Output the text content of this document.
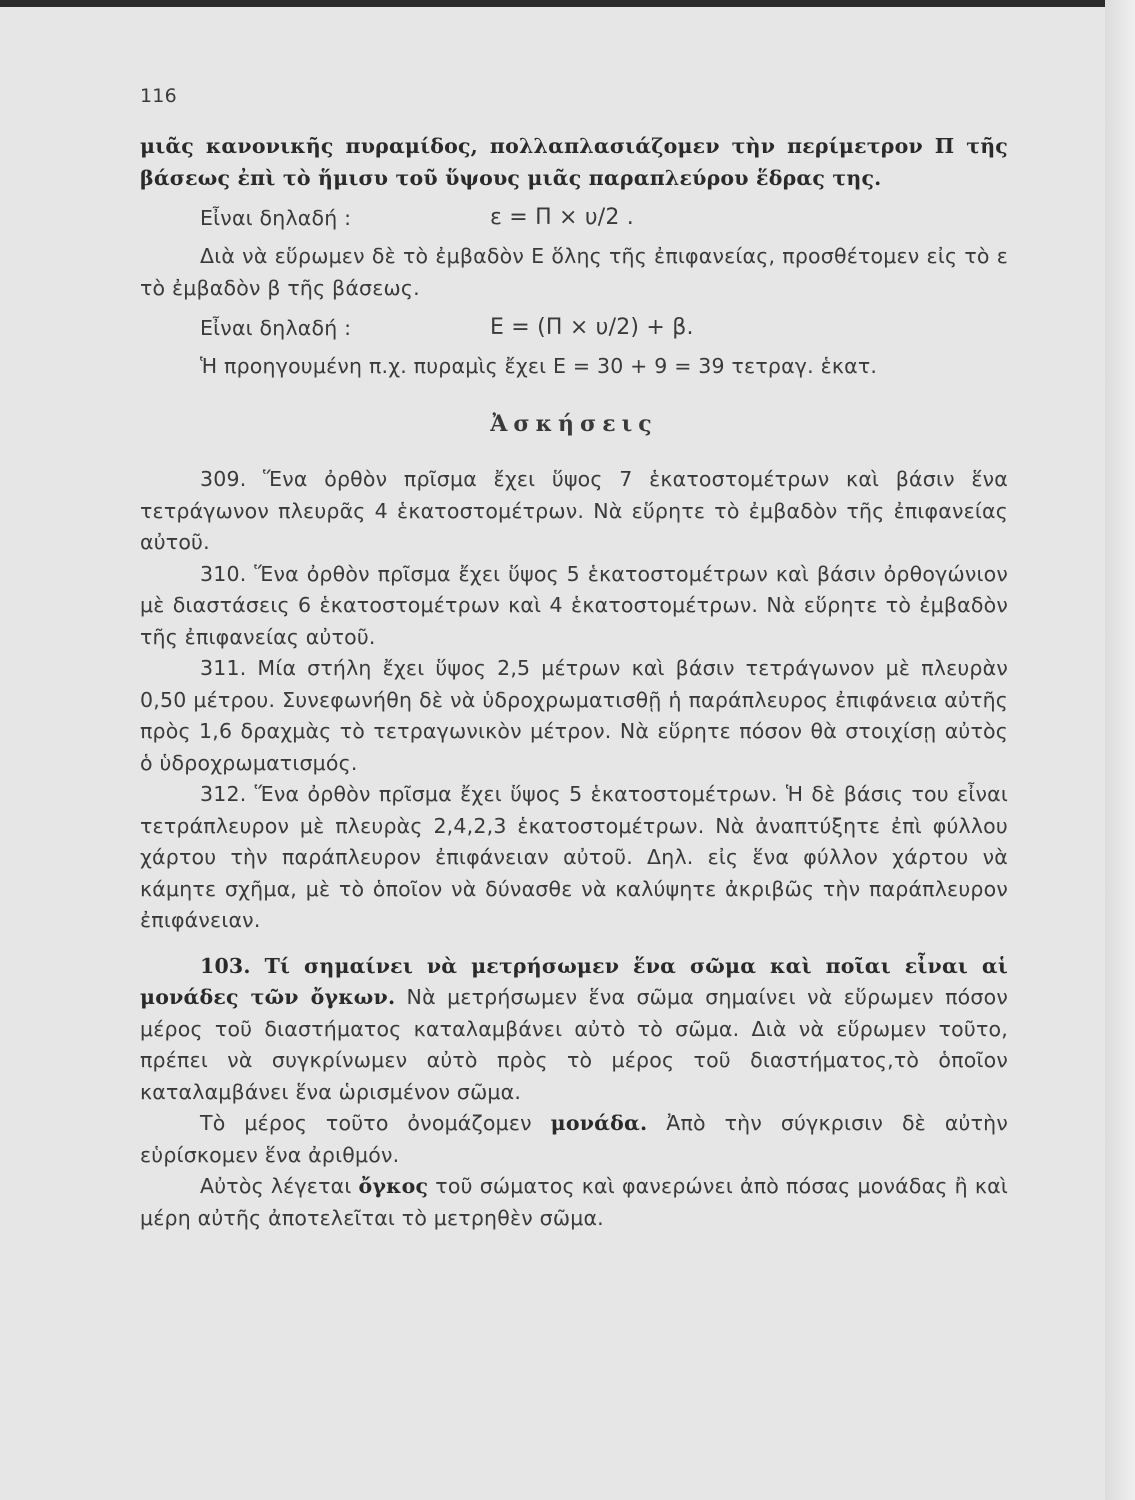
116

μιᾶς κανονικῆς πυραμίδος, πολλαπλασιάζομεν τὴν περίμετρον Π τῆς βάσεως ἐπὶ τὸ ἥμισυ τοῦ ὕψους μιᾶς παραπλεύρου ἕδρας της.

Εἶναι δηλαδή :	ε = Π × υ/2 .

Διὰ νὰ εὕρωμεν δὲ τὸ ἐμβαδὸν Ε ὅλης τῆς ἐπιφανείας, προσθέτομεν εἰς τὸ ε τὸ ἐμβαδὸν β τῆς βάσεως.

Εἶναι δηλαδή :	Ε = (Π × υ/2) + β.

Ἡ προηγουμένη π.χ. πυραμὶς ἔχει Ε = 30 + 9 = 39 τετραγ. ἑκατ.

Ἀσκήσεις

309. Ἕνα ὀρθὸν πρῖσμα ἔχει ὕψος 7 ἑκατοστομέτρων καὶ βάσιν ἕνα τετράγωνον πλευρᾶς 4 ἑκατοστομέτρων. Νὰ εὕρητε τὸ ἐμβαδὸν τῆς ἐπιφανείας αὐτοῦ.

310. Ἕνα ὀρθὸν πρῖσμα ἔχει ὕψος 5 ἑκατοστομέτρων καὶ βάσιν ὀρθογώνιον μὲ διαστάσεις 6 ἑκατοστομέτρων καὶ 4 ἑκατοστομέτρων. Νὰ εὕρητε τὸ ἐμβαδὸν τῆς ἐπιφανείας αὐτοῦ.

311. Μία στήλη ἔχει ὕψος 2,5 μέτρων καὶ βάσιν τετράγωνον μὲ πλευρὰν 0,50 μέτρου. Συνεφωνήθη δὲ νὰ ὑδροχρωματισθῇ ἡ παράπλευρος ἐπιφάνεια αὐτῆς πρὸς 1,6 δραχμὰς τὸ τετραγωνικὸν μέτρον. Νὰ εὕρητε πόσον θὰ στοιχίσῃ αὐτὸς ὁ ὑδροχρωματισμός.

312. Ἕνα ὀρθὸν πρῖσμα ἔχει ὕψος 5 ἑκατοστομέτρων. Ἡ δὲ βάσις του εἶναι τετράπλευρον μὲ πλευρὰς 2,4,2,3 ἑκατοστομέτρων. Νὰ ἀναπτύξητε ἐπὶ φύλλου χάρτου τὴν παράπλευρον ἐπιφάνειαν αὐτοῦ. Δηλ. εἰς ἕνα φύλλον χάρτου νὰ κάμητε σχῆμα, μὲ τὸ ὁποῖον νὰ δύνασθε νὰ καλύψητε ἀκριβῶς τὴν παράπλευρον ἐπιφάνειαν.

103. Τί σημαίνει νὰ μετρήσωμεν ἕνα σῶμα καὶ ποῖαι εἶναι αἱ μονάδες τῶν ὄγκων. Νὰ μετρήσωμεν ἕνα σῶμα σημαίνει νὰ εὕρωμεν πόσον μέρος τοῦ διαστήματος καταλαμβάνει αὐτὸ τὸ σῶμα. Διὰ νὰ εὕρωμεν τοῦτο, πρέπει νὰ συγκρίνωμεν αὐτὸ πρὸς τὸ μέρος τοῦ διαστήματος,τὸ ὁποῖον καταλαμβάνει ἕνα ὡρισμένον σῶμα.

Τὸ μέρος τοῦτο ὀνομάζομεν μονάδα. Ἀπὸ τὴν σύγκρισιν δὲ αὐτὴν εὑρίσκομεν ἕνα ἀριθμόν.

Αὐτὸς λέγεται ὄγκος τοῦ σώματος καὶ φανερώνει ἀπὸ πόσας μονάδας ἢ καὶ μέρη αὐτῆς ἀποτελεῖται τὸ μετρηθὲν σῶμα.
